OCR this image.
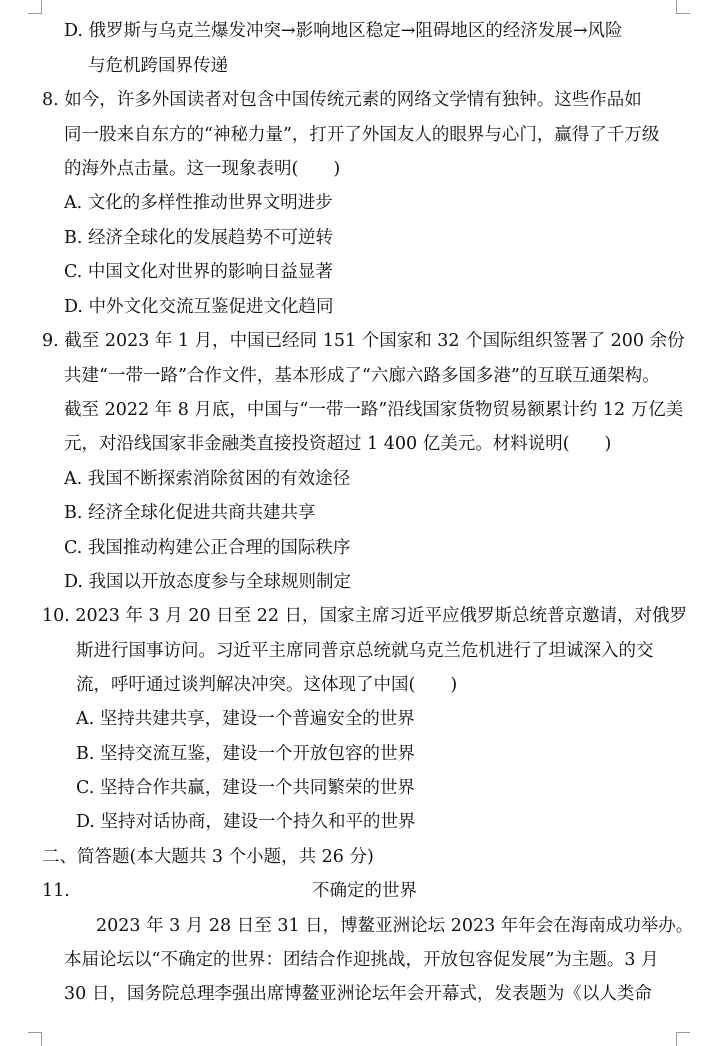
D. 俄罗斯与乌克兰爆发冲突→影响地区稳定→阻碍地区的经济发展→风险
与危机跨国界传递
8. 如今，许多外国读者对包含中国传统元素的网络文学情有独钟。这些作品如
同一股来自东方的“神秘力量”，打开了外国友人的眼界与心门，赢得了千万级
的海外点击量。这一现象表明(　　)
A. 文化的多样性推动世界文明进步
B. 经济全球化的发展趋势不可逆转
C. 中国文化对世界的影响日益显著
D. 中外文化交流互鉴促进文化趋同
9. 截至 2023 年 1 月，中国已经同 151 个国家和 32 个国际组织签署了 200 余份
共建“一带一路”合作文件，基本形成了“六廊六路多国多港”的互联互通架构。
截至 2022 年 8 月底，中国与“一带一路”沿线国家货物贸易额累计约 12 万亿美
元，对沿线国家非金融类直接投资超过 1 400 亿美元。材料说明(　　)
A. 我国不断探索消除贫困的有效途径
B. 经济全球化促进共商共建共享
C. 我国推动构建公正合理的国际秩序
D. 我国以开放态度参与全球规则制定
10. 2023 年 3 月 20 日至 22 日，国家主席习近平应俄罗斯总统普京邀请，对俄罗
斯进行国事访问。习近平主席同普京总统就乌克兰危机进行了坦诚深入的交
流，呼吁通过谈判解决冲突。这体现了中国(　　)
A. 坚持共建共享，建设一个普遍安全的世界
B. 坚持交流互鉴，建设一个开放包容的世界
C. 坚持合作共赢，建设一个共同繁荣的世界
D. 坚持对话协商，建设一个持久和平的世界
二、简答题(本大题共 3 个小题，共 26 分)
11.	不确定的世界
2023 年 3 月 28 日至 31 日，博鳌亚洲论坛 2023 年年会在海南成功举办。
本届论坛以“不确定的世界：团结合作迎挑战，开放包容促发展”为主题。3 月
30 日，国务院总理李强出席博鳌亚洲论坛年会开幕式，发表题为《以人类命
